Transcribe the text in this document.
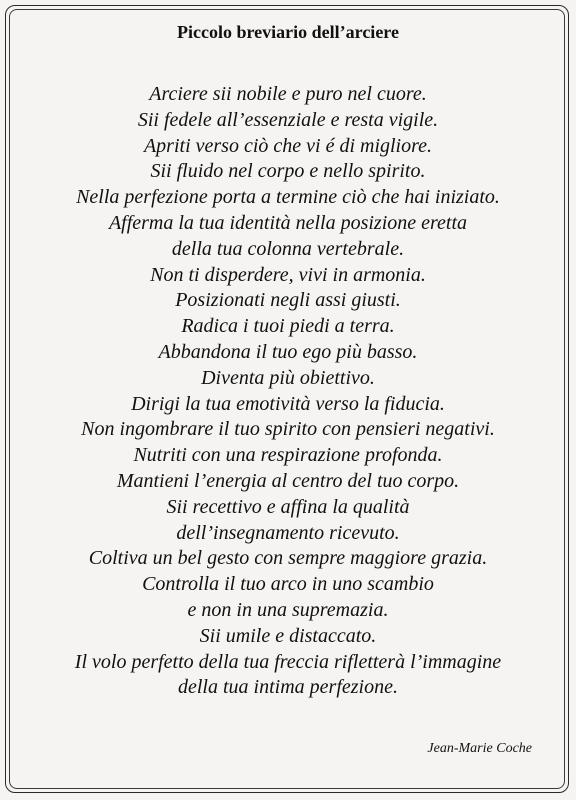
Piccolo breviario dell’arciere
Arciere sii nobile e puro nel cuore.
Sii fedele all’essenziale e resta vigile.
Apriti verso ciò che vi é di migliore.
Sii fluido nel corpo e nello spirito.
Nella perfezione porta a termine ciò che hai iniziato.
Afferma la tua identità nella posizione eretta
della tua colonna vertebrale.
Non ti disperdere, vivi in armonia.
Posizionati negli assi giusti.
Radica i tuoi piedi a terra.
Abbandona il tuo ego più basso.
Diventa più obiettivo.
Dirigi la tua emotività verso la fiducia.
Non ingombrare il tuo spirito con pensieri negativi.
Nutriti con una respirazione profonda.
Mantieni l’energia al centro del tuo corpo.
Sii recettivo e affina la qualità
dell’insegnamento ricevuto.
Coltiva un bel gesto con sempre maggiore grazia.
Controlla il tuo arco in uno scambio
e non in una supremazia.
Sii umile e distaccato.
Il volo perfetto della tua freccia rifletterà l’immagine
della tua intima perfezione.
Jean-Marie Coche
